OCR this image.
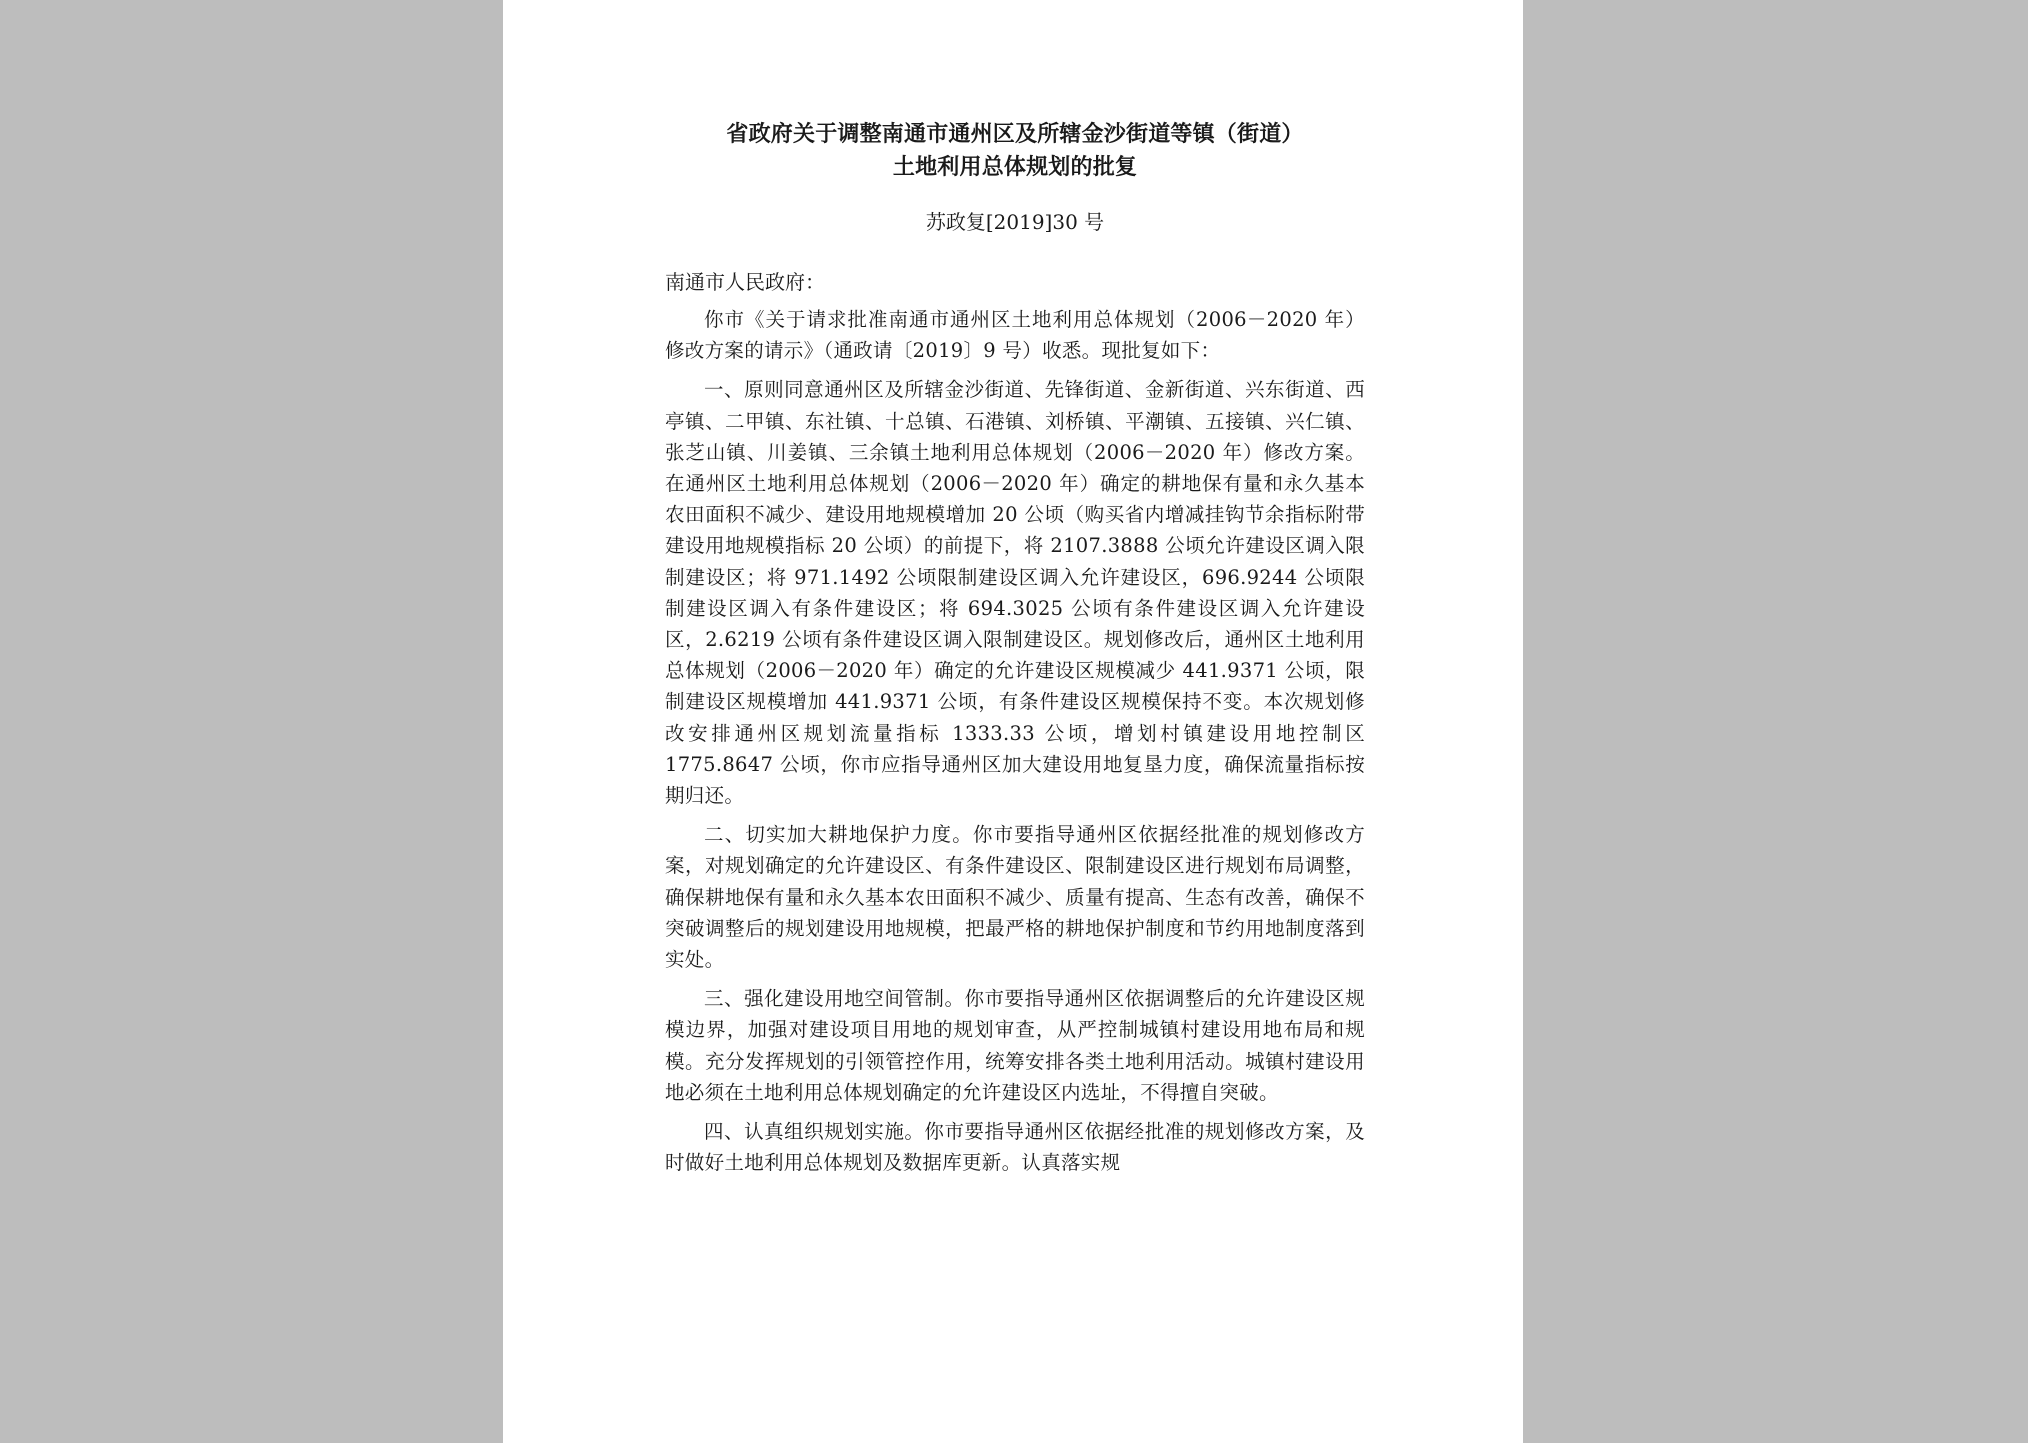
省政府关于调整南通市通州区及所辖金沙街道等镇（街道）
土地利用总体规划的批复
苏政复[2019]30 号
南通市人民政府：

你市《关于请求批准南通市通州区土地利用总体规划（2006－2020 年）修改方案的请示》（通政请〔2019〕9 号）收悉。现批复如下：

一、原则同意通州区及所辖金沙街道、先锋街道、金新街道、兴东街道、西亭镇、二甲镇、东社镇、十总镇、石港镇、刘桥镇、平潮镇、五接镇、兴仁镇、张芝山镇、川姜镇、三余镇土地利用总体规划（2006－2020 年）修改方案。在通州区土地利用总体规划（2006－2020 年）确定的耕地保有量和永久基本农田面积不减少、建设用地规模增加 20 公顷（购买省内增减挂钩节余指标附带建设用地规模指标 20 公顷）的前提下，将 2107.3888 公顷允许建设区调入限制建设区；将 971.1492 公顷限制建设区调入允许建设区，696.9244 公顷限制建设区调入有条件建设区；将 694.3025 公顷有条件建设区调入允许建设区，2.6219 公顷有条件建设区调入限制建设区。规划修改后，通州区土地利用总体规划（2006－2020 年）确定的允许建设区规模减少 441.9371 公顷，限制建设区规模增加 441.9371 公顷，有条件建设区规模保持不变。本次规划修改安排通州区规划流量指标 1333.33 公顷，增划村镇建设用地控制区 1775.8647 公顷，你市应指导通州区加大建设用地复垦力度，确保流量指标按期归还。

二、切实加大耕地保护力度。你市要指导通州区依据经批准的规划修改方案，对规划确定的允许建设区、有条件建设区、限制建设区进行规划布局调整，确保耕地保有量和永久基本农田面积不减少、质量有提高、生态有改善，确保不突破调整后的规划建设用地规模，把最严格的耕地保护制度和节约用地制度落到实处。

三、强化建设用地空间管制。你市要指导通州区依据调整后的允许建设区规模边界，加强对建设项目用地的规划审查，从严控制城镇村建设用地布局和规模。充分发挥规划的引领管控作用，统筹安排各类土地利用活动。城镇村建设用地必须在土地利用总体规划确定的允许建设区内选址，不得擅自突破。

四、认真组织规划实施。你市要指导通州区依据经批准的规划修改方案，及时做好土地利用总体规划及数据库更新。认真落实规
